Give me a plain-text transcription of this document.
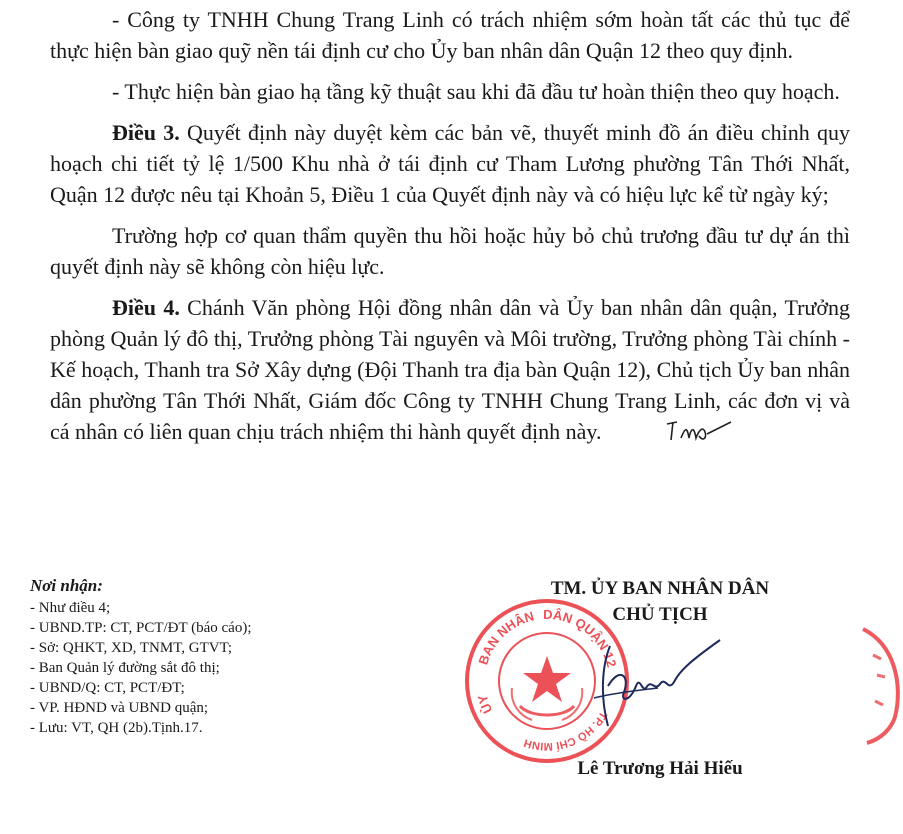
- Công ty TNHH Chung Trang Linh có trách nhiệm sớm hoàn tất các thủ tục để thực hiện bàn giao quỹ nền tái định cư cho Ủy ban nhân dân Quận 12 theo quy định.

- Thực hiện bàn giao hạ tầng kỹ thuật sau khi đã đầu tư hoàn thiện theo quy hoạch.

Điều 3. Quyết định này duyệt kèm các bản vẽ, thuyết minh đồ án điều chỉnh quy hoạch chi tiết tỷ lệ 1/500 Khu nhà ở tái định cư Tham Lương phường Tân Thới Nhất, Quận 12 được nêu tại Khoản 5, Điều 1 của Quyết định này và có hiệu lực kể từ ngày ký;

Trường hợp cơ quan thẩm quyền thu hồi hoặc hủy bỏ chủ trương đầu tư dự án thì quyết định này sẽ không còn hiệu lực.

Điều 4. Chánh Văn phòng Hội đồng nhân dân và Ủy ban nhân dân quận, Trưởng phòng Quản lý đô thị, Trưởng phòng Tài nguyên và Môi trường, Trưởng phòng Tài chính - Kế hoạch, Thanh tra Sở Xây dựng (Đội Thanh tra địa bàn Quận 12), Chủ tịch Ủy ban nhân dân phường Tân Thới Nhất, Giám đốc Công ty TNHH Chung Trang Linh, các đơn vị và cá nhân có liên quan chịu trách nhiệm thi hành quyết định này.

Nơi nhận:
- Như điều 4;
- UBND.TP: CT, PCT/ĐT (báo cáo);
- Sở: QHKT, XD, TNMT, GTVT;
- Ban Quản lý đường sắt đô thị;
- UBND/Q: CT, PCT/ĐT;
- VP. HĐND và UBND quận;
- Lưu: VT, QH (2b).Tịnh.17.
TM. ỦY BAN NHÂN DÂN
CHỦ TỊCH
BAN NHÂN DÂN QUẬN 12
TP. HỒ CHÍ MINH
ỦY
Lê Trương Hải Hiếu
